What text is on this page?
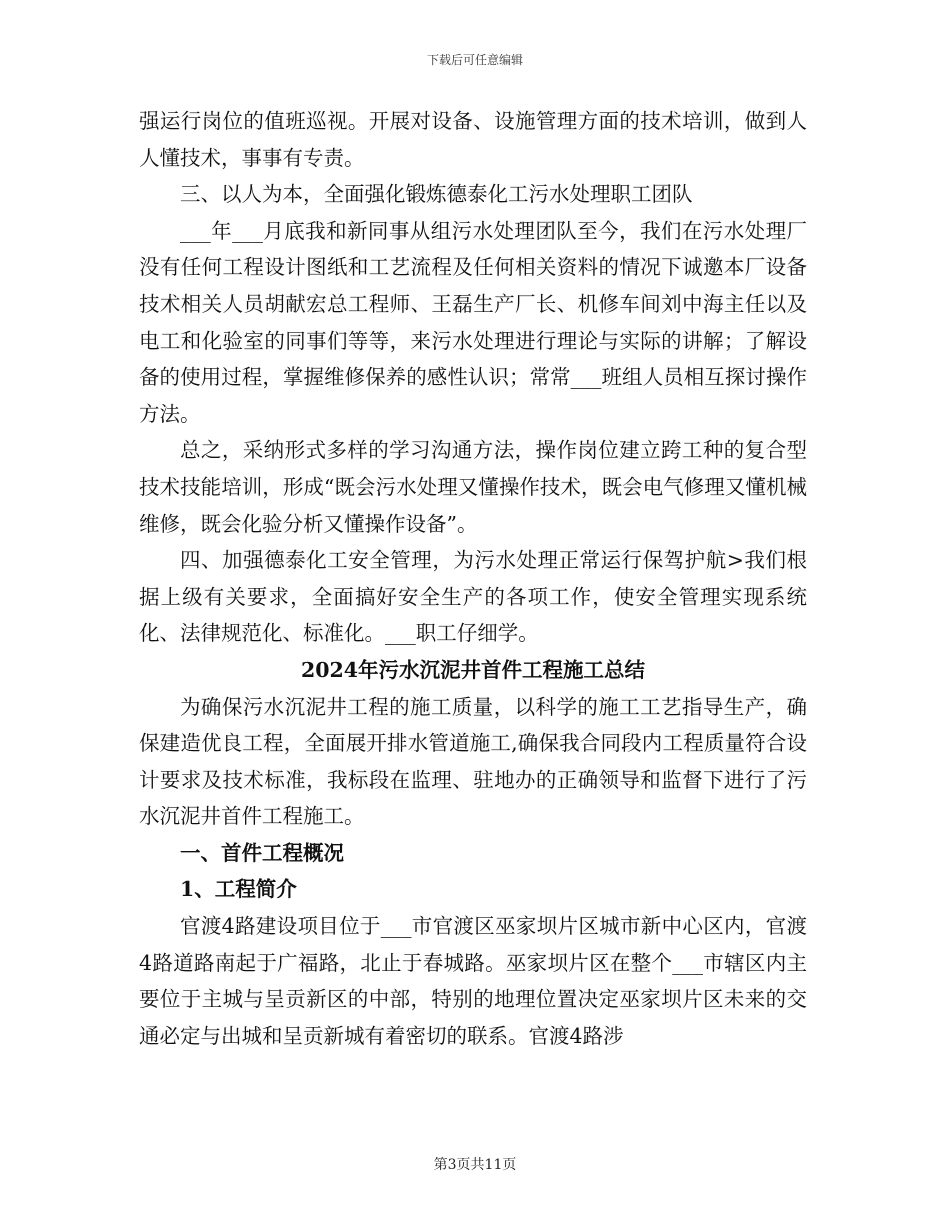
下载后可任意编辑

强运行岗位的值班巡视。开展对设备、设施管理方面的技术培训，做到人人懂技术，事事有专责。

三、以人为本，全面强化锻炼德泰化工污水处理职工团队

___年___月底我和新同事从组污水处理团队至今，我们在污水处理厂没有任何工程设计图纸和工艺流程及任何相关资料的情况下诚邀本厂设备技术相关人员胡献宏总工程师、王磊生产厂长、机修车间刘中海主任以及电工和化验室的同事们等等，来污水处理进行理论与实际的讲解；了解设备的使用过程，掌握维修保养的感性认识；常常___班组人员相互探讨操作方法。

总之，采纳形式多样的学习沟通方法，操作岗位建立跨工种的复合型技术技能培训，形成“既会污水处理又懂操作技术，既会电气修理又懂机械维修，既会化验分析又懂操作设备”。

四、加强德泰化工安全管理，为污水处理正常运行保驾护航>我们根据上级有关要求，全面搞好安全生产的各项工作，使安全管理实现系统化、法律规范化、标准化。___职工仔细学。

2024年污水沉泥井首件工程施工总结

为确保污水沉泥井工程的施工质量，以科学的施工工艺指导生产，确保建造优良工程，全面展开排水管道施工,确保我合同段内工程质量符合设计要求及技术标准，我标段在监理、驻地办的正确领导和监督下进行了污水沉泥井首件工程施工。

一、首件工程概况

1、工程简介

官渡4路建设项目位于___市官渡区巫家坝片区城市新中心区内，官渡4路道路南起于广福路，北止于春城路。巫家坝片区在整个___市辖区内主要位于主城与呈贡新区的中部，特别的地理位置决定巫家坝片区未来的交通必定与出城和呈贡新城有着密切的联系。官渡4路涉

第3页共11页
